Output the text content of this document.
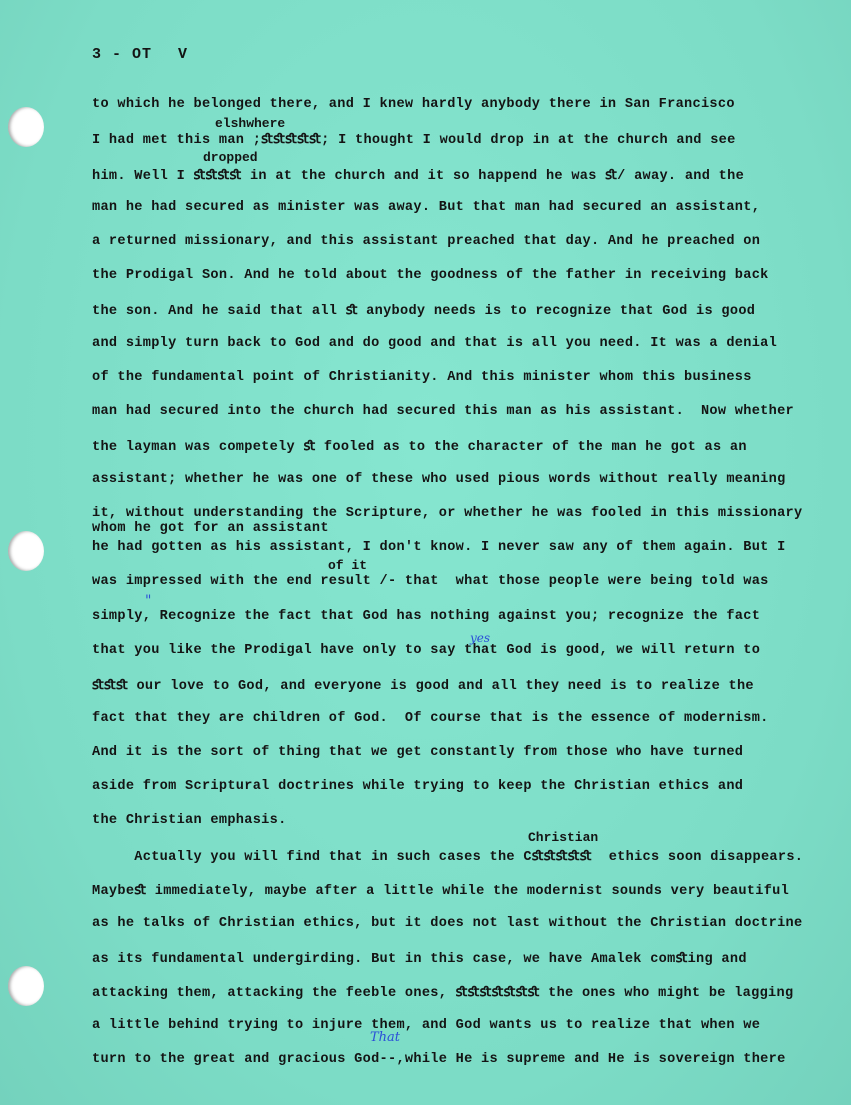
3 - OT V
to which he belonged there, and I knew hardly anybody there in San Francisco
elshwhere
I had met this man ;ﬆﬆﬆﬆﬆ; I thought I would drop in at the church and see
dropped
him. Well I ﬆﬆﬆﬆ in at the church and it so happend he was ﬆ/ away. and the
man he had secured as minister was away. But that man had secured an assistant,
a returned missionary, and this assistant preached that day. And he preached on
the Prodigal Son. And he told about the goodness of the father in receiving back
the son. And he said that all ﬆ anybody needs is to recognize that God is good
and simply turn back to God and do good and that is all you need. It was a denial
of the fundamental point of Christianity. And this minister whom this business
man had secured into the church had secured this man as his assistant.  Now whether
the layman was competely ﬆ fooled as to the character of the man he got as an
assistant; whether he was one of these who used pious words without really meaning
it, without understanding the Scripture, or whether he was fooled in this missionary
whom he got for an assistant
he had gotten as his assistant, I don't know. I never saw any of them again. But I
of it
was impressed with the end result /- that  what those people were being told was
simply, Recognize the fact that God has nothing against you; recognize the fact
that you like the Prodigal have only to say that God is good, we will return to
ﬆﬆﬆ our love to God, and everyone is good and all they need is to realize the
fact that they are children of God.  Of course that is the essence of modernism.
And it is the sort of thing that we get constantly from those who have turned
aside from Scriptural doctrines while trying to keep the Christian ethics and
the Christian emphasis.
Christian
Actually you will find that in such cases the Cﬆﬆﬆﬆﬆ  ethics soon disappears.
Maybeﬆ immediately, maybe after a little while the modernist sounds very beautiful
as he talks of Christian ethics, but it does not last without the Christian doctrine
as its fundamental undergirding. But in this case, we have Amalek comﬆing and
attacking them, attacking the feeble ones, ﬆﬆﬆﬆﬆﬆﬆ the ones who might be lagging
a little behind trying to injure them, and God wants us to realize that when we
turn to the great and gracious God--,while He is supreme and He is sovereign there
"
yes
That
